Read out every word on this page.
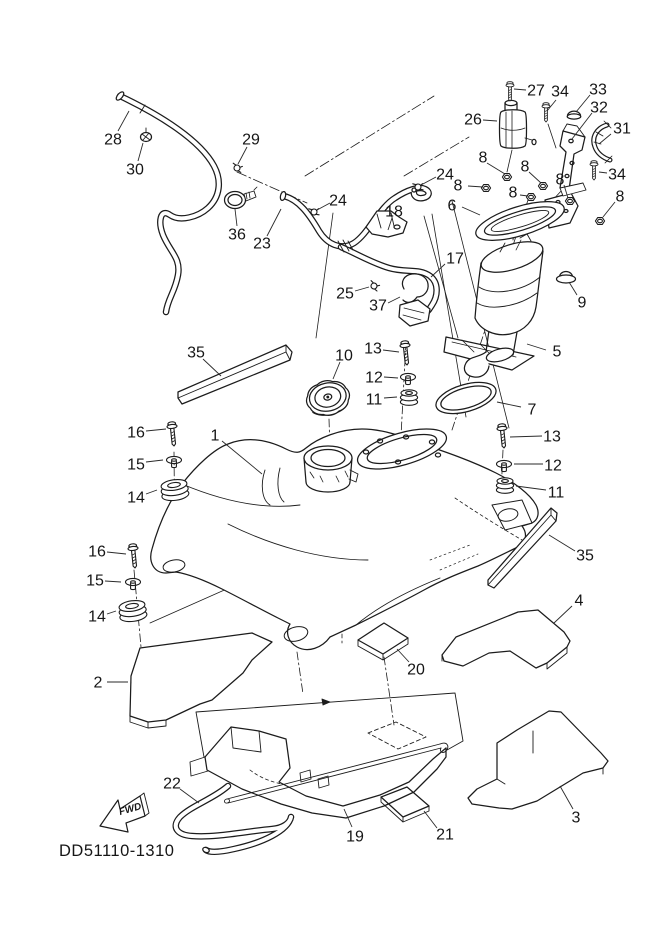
1
2
3
4
5
6
7
8
8
8	8
8
8
9
10
11
12
13
14
15
16
11
12
13
14
15
16
17
18
19
20
21
22
23
24
24
25
26
27
28	29
30
31
32
33
34
34
35
35
36
37
FWD
DD51110-1310
